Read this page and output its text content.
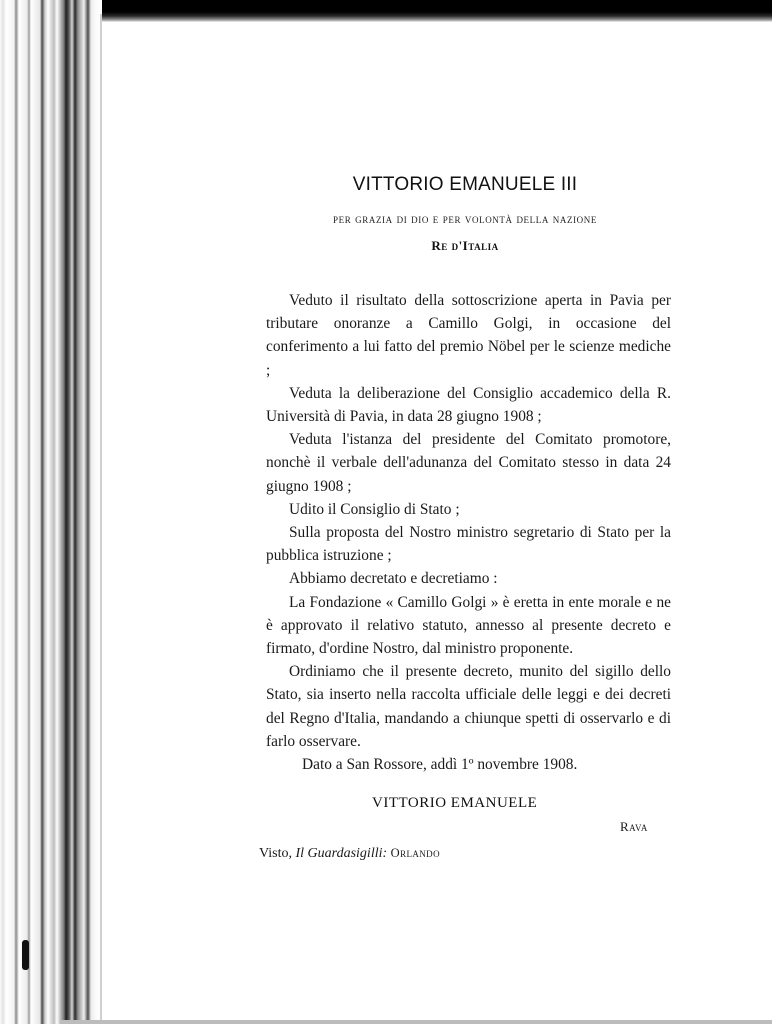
VITTORIO EMANUELE III
per grazia di dio e per volontà della nazione
Re d'Italia

Veduto il risultato della sottoscrizione aperta in Pavia per tributare onoranze a Camillo Golgi, in occasione del conferimento a lui fatto del premio Nöbel per le scienze mediche ;

Veduta la deliberazione del Consiglio accademico della R. Università di Pavia, in data 28 giugno 1908 ;

Veduta l'istanza del presidente del Comitato promotore, nonchè il verbale dell'adunanza del Comitato stesso in data 24 giugno 1908 ;

Udito il Consiglio di Stato ;

Sulla proposta del Nostro ministro segretario di Stato per la pubblica istruzione ;

Abbiamo decretato e decretiamo :

La Fondazione « Camillo Golgi » è eretta in ente morale e ne è approvato il relativo statuto, annesso al presente decreto e firmato, d'ordine Nostro, dal ministro proponente.

Ordiniamo che il presente decreto, munito del sigillo dello Stato, sia inserto nella raccolta ufficiale delle leggi e dei decreti del Regno d'Italia, mandando a chiunque spetti di osservarlo e di farlo osservare.

Dato a San Rossore, addì 1º novembre 1908.

VITTORIO EMANUELE
Rava
Visto, Il Guardasigilli: Orlando
